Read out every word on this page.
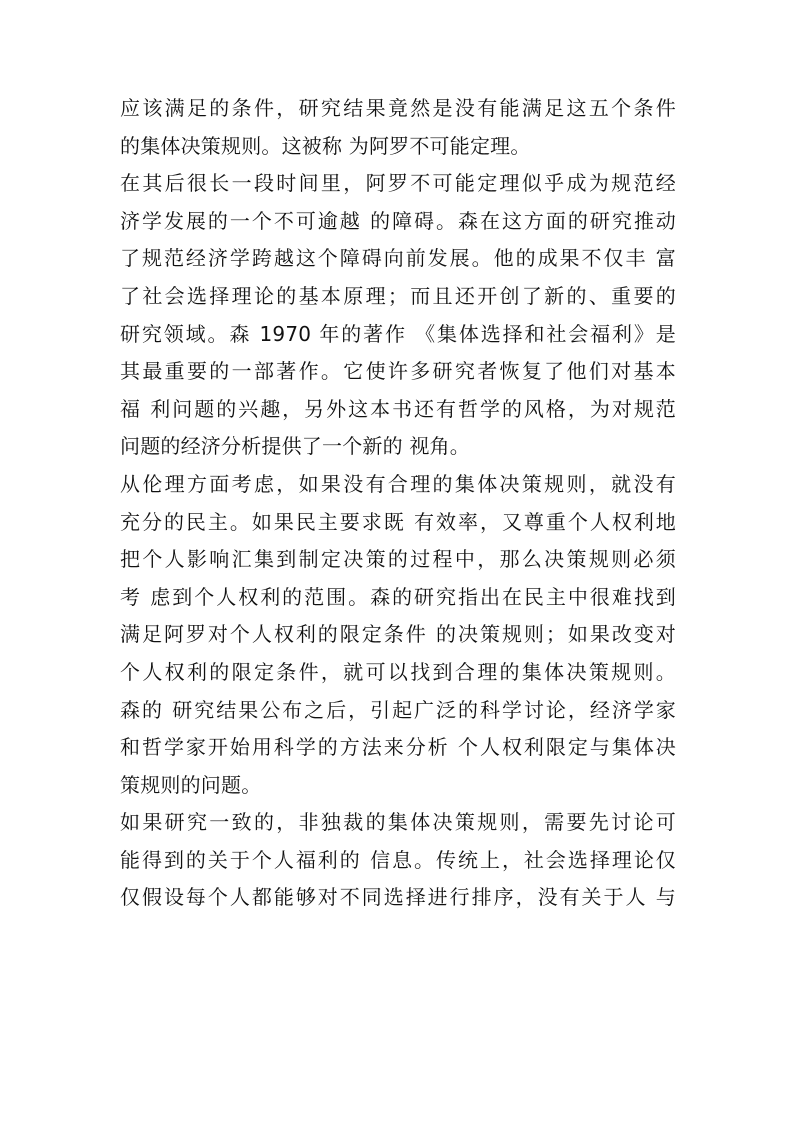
应该满足的条件，研究结果竟然是没有能满足这五个条件
的集体决策规则。这被称 为阿罗不可能定理。
在其后很长一段时间里，阿罗不可能定理似乎成为规范经
济学发展的一个不可逾越 的障碍。森在这方面的研究推动
了规范经济学跨越这个障碍向前发展。他的成果不仅丰 富
了社会选择理论的基本原理；而且还开创了新的、重要的
研究领域。森 1970 年的著作 《集体选择和社会福利》是
其最重要的一部著作。它使许多研究者恢复了他们对基本
福 利问题的兴趣，另外这本书还有哲学的风格，为对规范
问题的经济分析提供了一个新的 视角。
从伦理方面考虑，如果没有合理的集体决策规则，就没有
充分的民主。如果民主要求既 有效率，又尊重个人权利地
把个人影响汇集到制定决策的过程中，那么决策规则必须
考 虑到个人权利的范围。森的研究指出在民主中很难找到
满足阿罗对个人权利的限定条件 的决策规则；如果改变对
个人权利的限定条件，就可以找到合理的集体决策规则。
森的 研究结果公布之后，引起广泛的科学讨论，经济学家
和哲学家开始用科学的方法来分析 个人权利限定与集体决
策规则的问题。
如果研究一致的，非独裁的集体决策规则，需要先讨论可
能得到的关于个人福利的 信息。传统上，社会选择理论仅
仅假设每个人都能够对不同选择进行排序，没有关于人 与
